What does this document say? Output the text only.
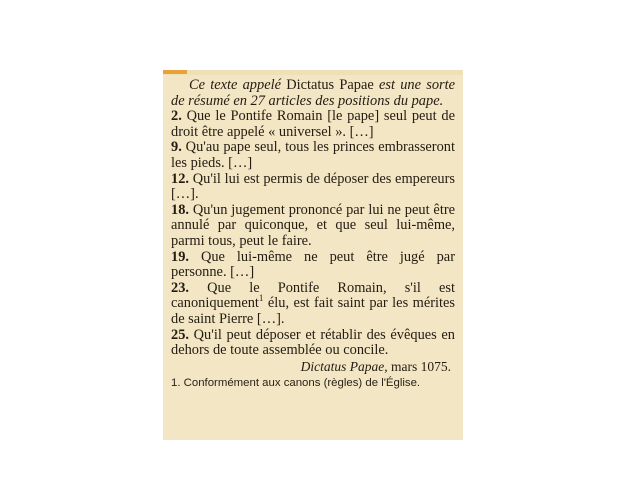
Ce texte appelé Dictatus Papae est une sorte de résumé en 27 articles des positions du pape.

2. Que le Pontife Romain [le pape] seul peut de droit être appelé « universel ». […]

9. Qu'au pape seul, tous les princes embrasseront les pieds. […]

12. Qu'il lui est permis de déposer des empereurs […].

18. Qu'un jugement prononcé par lui ne peut être annulé par quiconque, et que seul lui-même, parmi tous, peut le faire.

19. Que lui-même ne peut être jugé par personne. […]

23. Que le Pontife Romain, s'il est canoniquement$^1$ élu, est fait saint par les mérites de saint Pierre […].

25. Qu'il peut déposer et rétablir des évêques en dehors de toute assemblée ou concile.

Dictatus Papae, mars 1075.
1. Conformément aux canons (règles) de l'Église.
